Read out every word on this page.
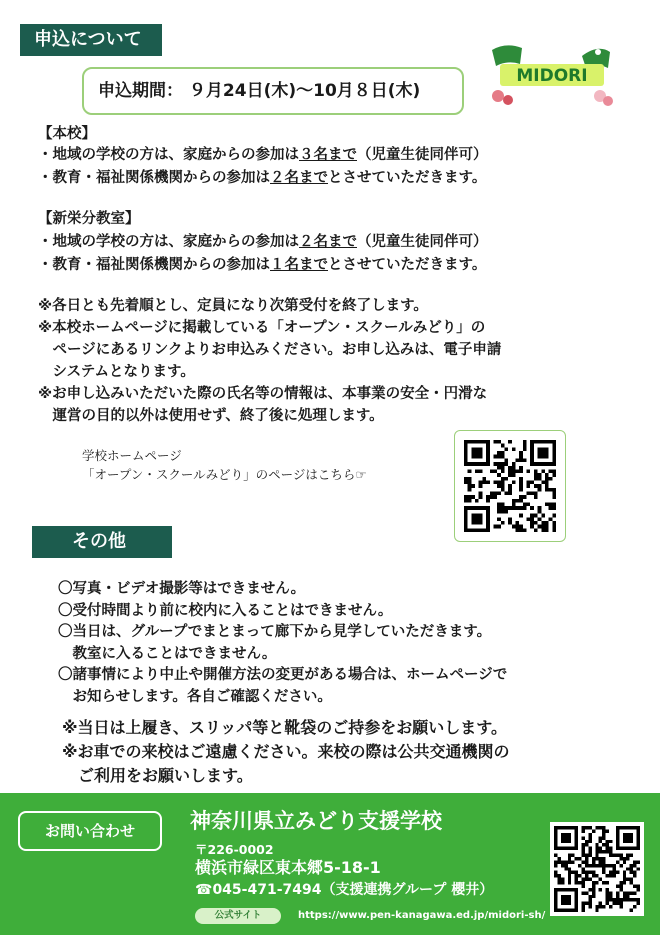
申込について
申込期間： ９月24日(木)～10月８日(木)
MIDORI
【本校】
・地域の学校の方は、家庭からの参加は３名まで（児童生徒同伴可）
・教育・福祉関係機関からの参加は２名までとさせていただきます。
【新栄分教室】
・地域の学校の方は、家庭からの参加は２名まで（児童生徒同伴可）
・教育・福祉関係機関からの参加は１名までとさせていただきます。
※各日とも先着順とし、定員になり次第受付を終了します。
※本校ホームページに掲載している「オープン・スクールみどり」の
　ページにあるリンクよりお申込みください。お申し込みは、電子申請
　システムとなります。
※お申し込みいただいた際の氏名等の情報は、本事業の安全・円滑な
　運営の目的以外は使用せず、終了後に処理します。
学校ホームページ
「オープン・スクールみどり」のページはこちら☞
その他
〇写真・ビデオ撮影等はできません。
〇受付時間より前に校内に入ることはできません。
〇当日は、グループでまとまって廊下から見学していただきます。
　教室に入ることはできません。
〇諸事情により中止や開催方法の変更がある場合は、ホームページで
　お知らせします。各自ご確認ください。
※当日は上履き、スリッパ等と靴袋のご持参をお願いします。
※お車での来校はご遠慮ください。来校の際は公共交通機関の
　ご利用をお願いします。
お問い合わせ	神奈川県立みどり支援学校
〒226-0002
横浜市緑区東本郷5-18-1
☎045-471-7494（支援連携グループ 櫻井）
公式サイト	https://www.pen-kanagawa.ed.jp/midori-sh/
